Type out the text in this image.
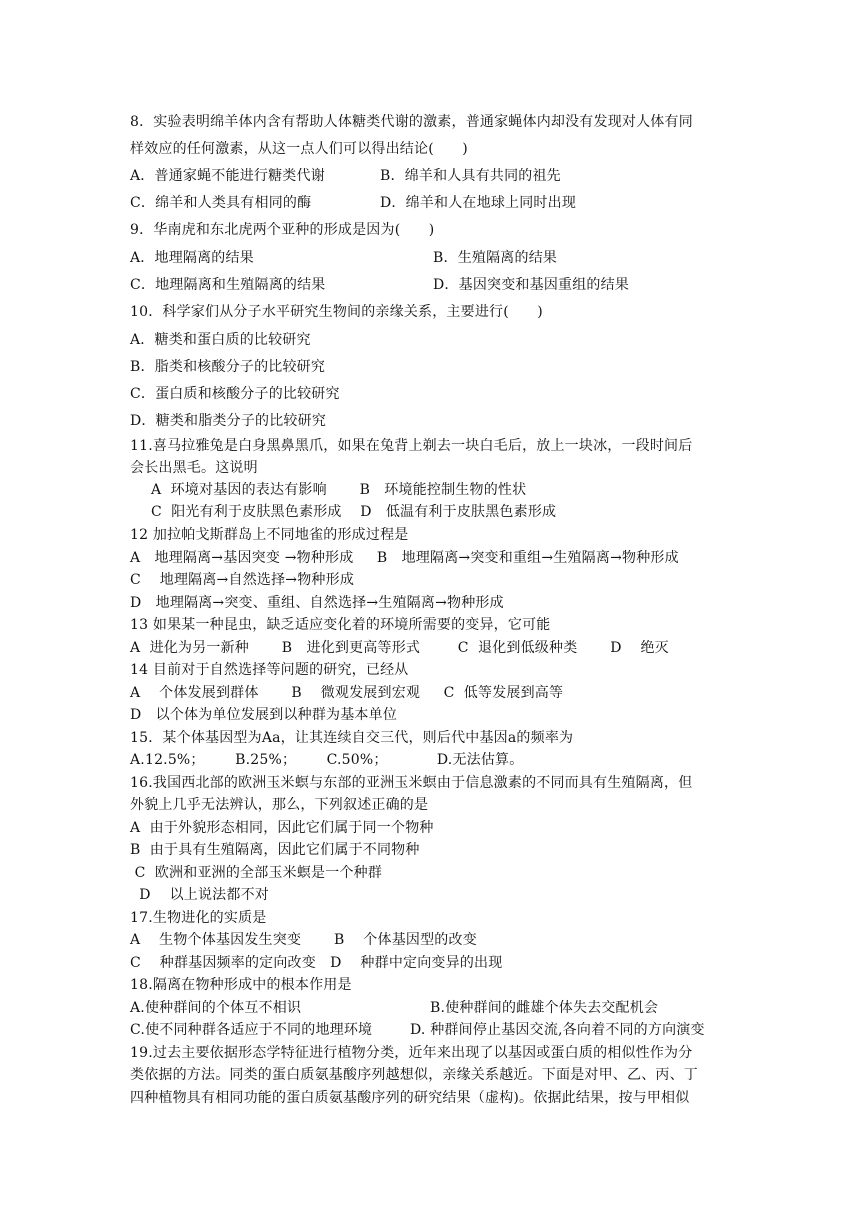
8．实验表明绵羊体内含有帮助人体糖类代谢的激素，普通家蝇体内却没有发现对人体有同
样效应的任何激素，从这一点人们可以得出结论(　　)
A．普通家蝇不能进行糖类代谢	B．绵羊和人具有共同的祖先
C．绵羊和人类具有相同的酶	D．绵羊和人在地球上同时出现
9．华南虎和东北虎两个亚种的形成是因为(　　)
A．地理隔离的结果	B．生殖隔离的结果
C．地理隔离和生殖隔离的结果	D．基因突变和基因重组的结果
10．科学家们从分子水平研究生物间的亲缘关系，主要进行(　　)
A．糖类和蛋白质的比较研究
B．脂类和核酸分子的比较研究
C．蛋白质和核酸分子的比较研究
D．糖类和脂类分子的比较研究
11.喜马拉雅兔是白身黑鼻黑爪，如果在兔背上剃去一块白毛后，放上一块冰，一段时间后
会长出黑毛。这说明
A  环境对基因的表达有影响　    B　环境能控制生物的性状
C  阳光有利于皮肤黑色素形成    D　低温有利于皮肤黑色素形成
12 加拉帕戈斯群岛上不同地雀的形成过程是
A　地理隔离→基因突变 →物种形成　  B　地理隔离→突变和重组→生殖隔离→物种形成
C　 地理隔离→自然选择→物种形成
D　地理隔离→突变、重组、自然选择→生殖隔离→物种形成
13 如果某一种昆虫，缺乏适应变化着的环境所需要的变异，它可能
A  进化为另一新种　    B　进化到更高等形式　　  C  退化到低级种类　    D　 绝灭
14 目前对于自然选择等问题的研究，已经从
A　 个体发展到群体　    B　 微观发展到宏观　  C  低等发展到高等
D　以个体为单位发展到以种群为基本单位
15．某个体基因型为Aa，让其连续自交三代，则后代中基因a的频率为
A.12.5%；　     B.25%；　     C.50%；　　      D.无法估算。
16.我国西北部的欧洲玉米螟与东部的亚洲玉米螟由于信息激素的不同而具有生殖隔离，但
外貌上几乎无法辨认，那么，下列叙述正确的是
A  由于外貌形态相同，因此它们属于同一个物种
B  由于具有生殖隔离，因此它们属于不同物种
C  欧洲和亚洲的全部玉米螟是一个种群
D　 以上说法都不对
17.生物进化的实质是
A　 生物个体基因发生突变　    B　 个体基因型的改变
C　 种群基因频率的定向改变　D　 种群中定向变异的出现
18.隔离在物种形成中的根本作用是
A.使种群间的个体互不相识	B.使种群间的雌雄个体失去交配机会
C.使不同种群各适应于不同的地理环境	D. 种群间停止基因交流,各向着不同的方向演变
19.过去主要依据形态学特征进行植物分类，近年来出现了以基因或蛋白质的相似性作为分
类依据的方法。同类的蛋白质氨基酸序列越想似，亲缘关系越近。下面是对甲、乙、丙、丁
四种植物具有相同功能的蛋白质氨基酸序列的研究结果（虚构)。依据此结果，按与甲相似
